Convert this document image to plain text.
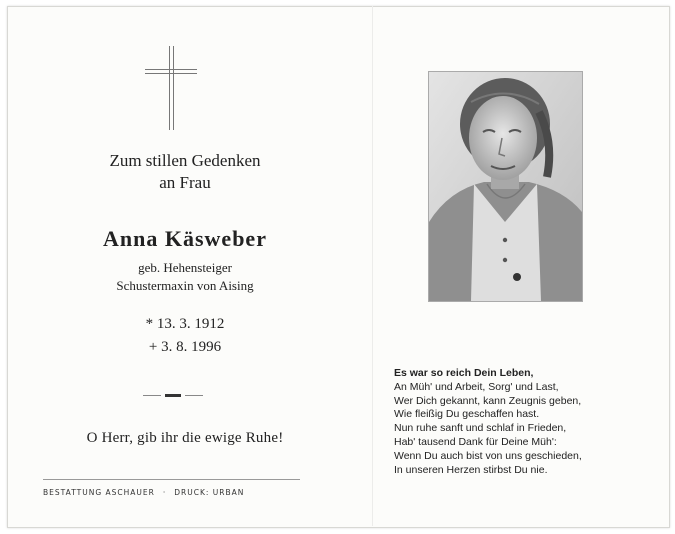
Zum stillen Gedenken
an Frau
Anna Käsweber
geb. Hehensteiger
Schustermaxin von Aising
* 13. 3. 1912
+ 3. 8. 1996
O Herr, gib ihr die ewige Ruhe!
BESTATTUNG ASCHAUER · DRUCK: URBAN
Es war so reich Dein Leben,
An Müh' und Arbeit, Sorg' und Last,
Wer Dich gekannt, kann Zeugnis geben,
Wie fleißig Du geschaffen hast.
Nun ruhe sanft und schlaf in Frieden,
Hab' tausend Dank für Deine Müh':
Wenn Du auch bist von uns geschieden,
In unseren Herzen stirbst Du nie.
